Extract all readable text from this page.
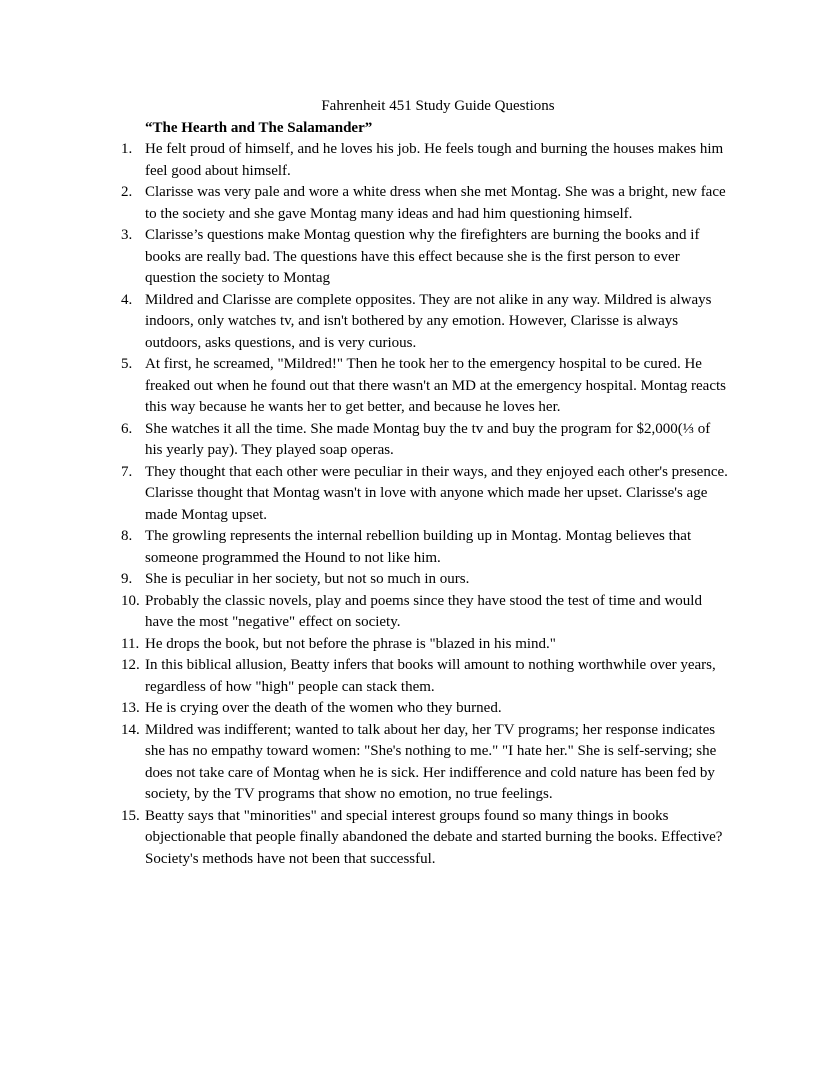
Fahrenheit 451 Study Guide Questions
“The Hearth and The Salamander”
1. He felt proud of himself, and he loves his job. He feels tough and burning the houses makes him feel good about himself.
2. Clarisse was very pale and wore a white dress when she met Montag. She was a bright, new face to the society and she gave Montag many ideas and had him questioning himself.
3. Clarisse’s questions make Montag question why the firefighters are burning the books and if books are really bad. The questions have this effect because she is the first person to ever question the society to Montag
4. Mildred and Clarisse are complete opposites. They are not alike in any way. Mildred is always indoors, only watches tv, and isn't bothered by any emotion. However, Clarisse is always outdoors, asks questions, and is very curious.
5. At first, he screamed, "Mildred!" Then he took her to the emergency hospital to be cured. He freaked out when he found out that there wasn't an MD at the emergency hospital. Montag reacts this way because he wants her to get better, and because he loves her.
6. She watches it all the time. She made Montag buy the tv and buy the program for $2,000(⅓ of his yearly pay). They played soap operas.
7. They thought that each other were peculiar in their ways, and they enjoyed each other's presence. Clarisse thought that Montag wasn't in love with anyone which made her upset. Clarisse's age made Montag upset.
8. The growling represents the internal rebellion building up in Montag. Montag believes that someone programmed the Hound to not like him.
9. She is peculiar in her society, but not so much in ours.
10. Probably the classic novels, play and poems since they have stood the test of time and would have the most "negative" effect on society.
11. He drops the book, but not before the phrase is "blazed in his mind."
12. In this biblical allusion, Beatty infers that books will amount to nothing worthwhile over years, regardless of how "high" people can stack them.
13. He is crying over the death of the women who they burned.
14. Mildred was indifferent; wanted to talk about her day, her TV programs; her response indicates she has no empathy toward women: "She's nothing to me." "I hate her." She is self-serving; she does not take care of Montag when he is sick. Her indifference and cold nature has been fed by society, by the TV programs that show no emotion, no true feelings.
15. Beatty says that "minorities" and special interest groups found so many things in books objectionable that people finally abandoned the debate and started burning the books. Effective? Society's methods have not been that successful.
